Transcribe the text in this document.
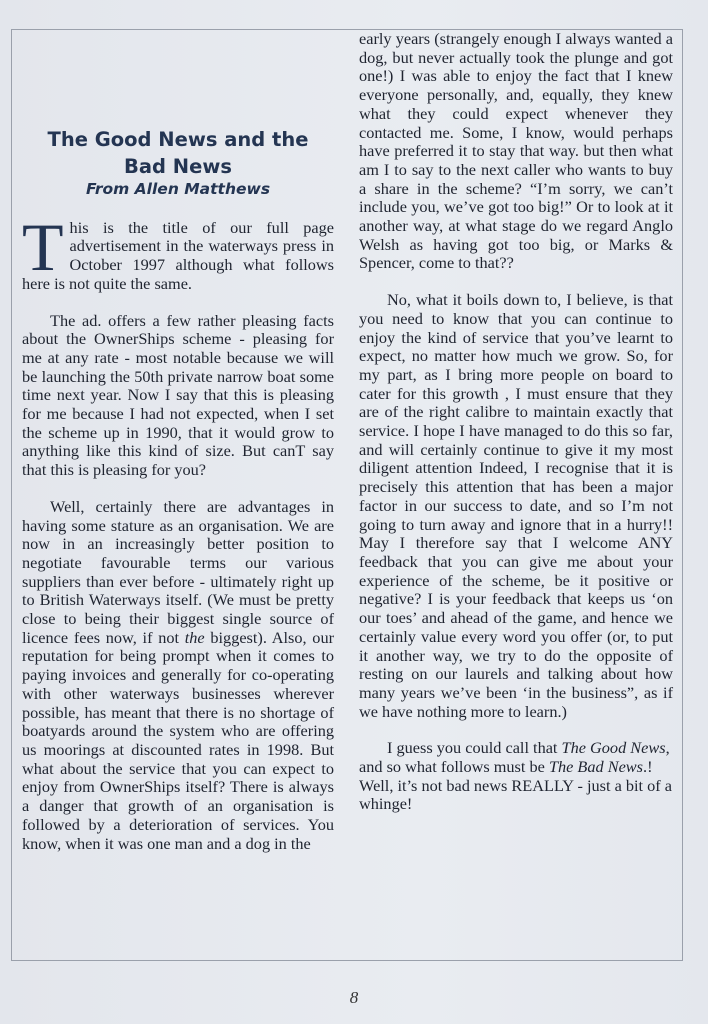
The Good News and the
Bad News
From Allen Matthews

This is the title of our full page advertisement in the waterways press in October 1997 although what follows here is not quite the same.

The ad. offers a few rather pleasing facts about the OwnerShips scheme - pleasing for me at any rate - most notable because we will be launching the 50th private narrow boat some time next year. Now I say that this is pleasing for me because I had not expected, when I set the scheme up in 1990, that it would grow to anything like this kind of size. But canT say that this is pleasing for you?

Well, certainly there are advantages in having some stature as an organisation. We are now in an increasingly better position to negotiate favourable terms our various suppliers than ever before - ultimately right up to British Waterways itself. (We must be pretty close to being their biggest single source of licence fees now, if not the biggest). Also, our reputation for being prompt when it comes to paying invoices and generally for co-operating with other waterways businesses wherever possible, has meant that there is no shortage of boatyards around the system who are offering us moorings at discounted rates in 1998. But what about the service that you can expect to enjoy from OwnerShips itself? There is always a danger that growth of an organisation is followed by a deterioration of services. You know, when it was one man and a dog in the

early years (strangely enough I always wanted a dog, but never actually took the plunge and got one!) I was able to enjoy the fact that I knew everyone personally, and, equally, they knew what they could expect whenever they contacted me. Some, I know, would perhaps have preferred it to stay that way. but then what am I to say to the next caller who wants to buy a share in the scheme? “I’m sorry, we can’t include you, we’ve got too big!” Or to look at it another way, at what stage do we regard Anglo Welsh as having got too big, or Marks & Spencer, come to that??

No, what it boils down to, I believe, is that you need to know that you can continue to enjoy the kind of service that you’ve learnt to expect, no matter how much we grow. So, for my part, as I bring more people on board to cater for this growth , I must ensure that they are of the right calibre to maintain exactly that service. I hope I have managed to do this so far, and will certainly continue to give it my most diligent attention Indeed, I recognise that it is precisely this attention that has been a major factor in our success to date, and so I’m not going to turn away and ignore that in a hurry!! May I therefore say that I welcome ANY feedback that you can give me about your experience of the scheme, be it positive or negative? I is your feedback that keeps us ‘on our toes’ and ahead of the game, and hence we certainly value every word you offer (or, to put it another way, we try to do the opposite of resting on our laurels and talking about how many years we’ve been ‘in the business”, as if we have nothing more to learn.)

I guess you could call that The Good News, and so what follows must be The Bad News.! Well, it’s not bad news REALLY - just a bit of a whinge!

8
